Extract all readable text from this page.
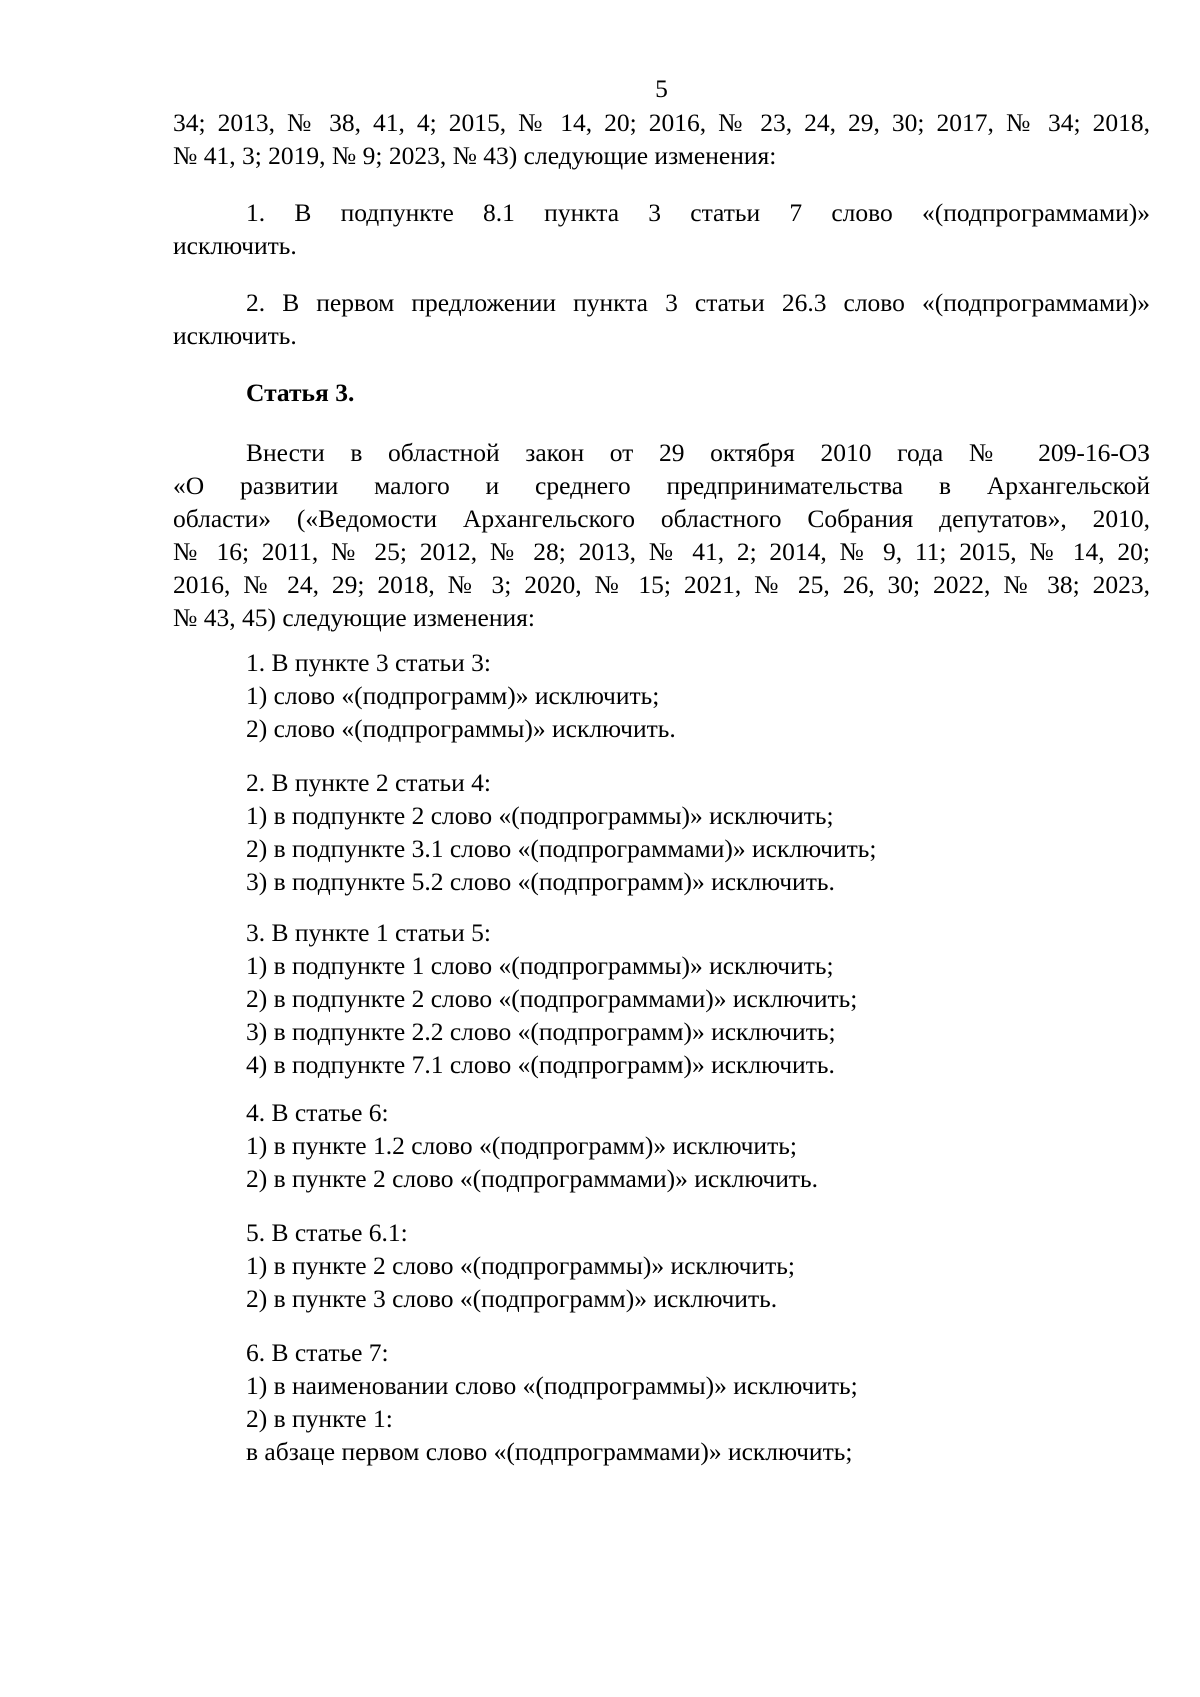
5
34; 2013, № 38, 41, 4; 2015, № 14, 20; 2016, № 23, 24, 29, 30; 2017, № 34; 2018,
№ 41, 3; 2019, № 9; 2023, № 43) следующие изменения:
1. В подпункте 8.1 пункта 3 статьи 7 слово «(подпрограммами)»
исключить.
2. В первом предложении пункта 3 статьи 26.3 слово «(подпрограммами)»
исключить.
Статья 3.
Внести в областной закон от 29 октября 2010 года № 209-16-ОЗ
«О развитии малого и среднего предпринимательства в Архангельской
области» («Ведомости Архангельского областного Собрания депутатов», 2010,
№ 16; 2011, № 25; 2012, № 28; 2013, № 41, 2; 2014, № 9, 11; 2015, № 14, 20;
2016, № 24, 29; 2018, № 3; 2020, № 15; 2021, № 25, 26, 30; 2022, № 38; 2023,
№ 43, 45) следующие изменения:
1. В пункте 3 статьи 3:
1) слово «(подпрограмм)» исключить;
2) слово «(подпрограммы)» исключить.
2. В пункте 2 статьи 4:
1) в подпункте 2 слово «(подпрограммы)» исключить;
2) в подпункте 3.1 слово «(подпрограммами)» исключить;
3) в подпункте 5.2 слово «(подпрограмм)» исключить.
3. В пункте 1 статьи 5:
1) в подпункте 1 слово «(подпрограммы)» исключить;
2) в подпункте 2 слово «(подпрограммами)» исключить;
3) в подпункте 2.2 слово «(подпрограмм)» исключить;
4) в подпункте 7.1 слово «(подпрограмм)» исключить.
4. В статье 6:
1) в пункте 1.2 слово «(подпрограмм)» исключить;
2) в пункте 2 слово «(подпрограммами)» исключить.
5. В статье 6.1:
1) в пункте 2 слово «(подпрограммы)» исключить;
2) в пункте 3 слово «(подпрограмм)» исключить.
6. В статье 7:
1) в наименовании слово «(подпрограммы)» исключить;
2) в пункте 1:
в абзаце первом слово «(подпрограммами)» исключить;
